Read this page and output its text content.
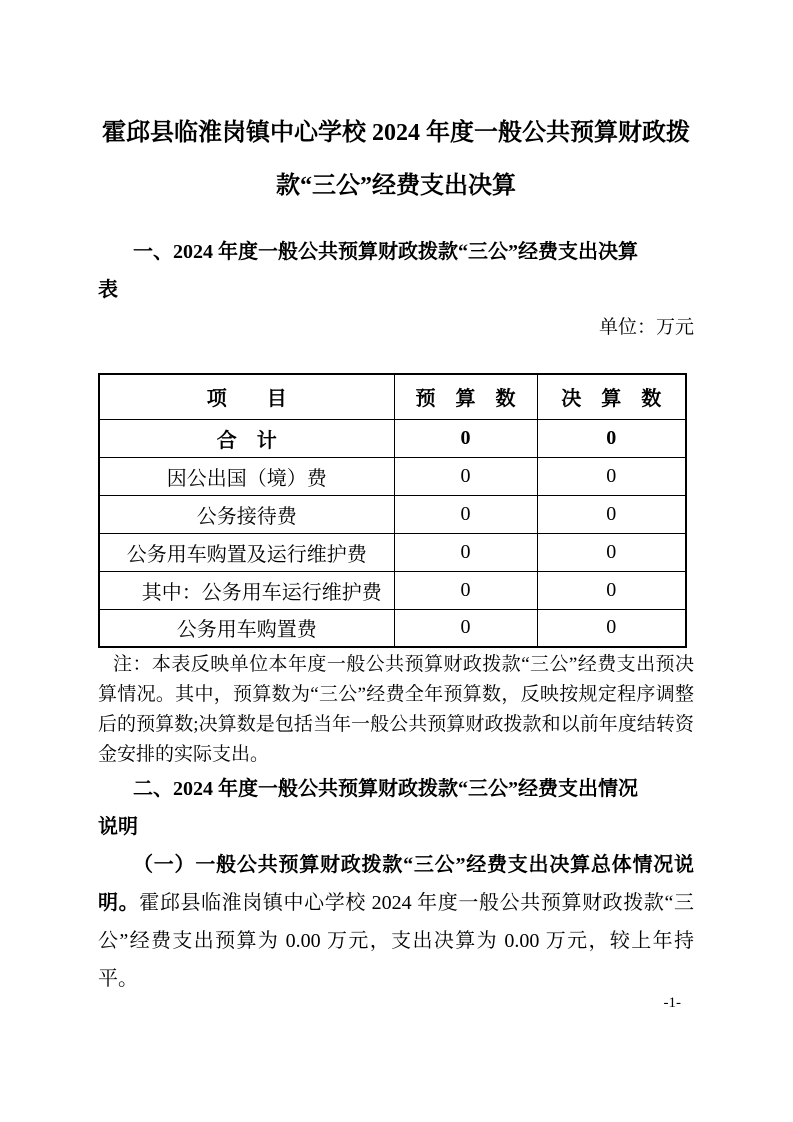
霍邱县临淮岗镇中心学校 2024 年度一般公共预算财政拨
款“三公”经费支出决算

一、2024 年度一般公共预算财政拨款“三公”经费支出决算
表

单位：万元

项　　目	预　算　数	决　算　数
合　计	0	0
因公出国（境）费	0	0
公务接待费	0	0
公务用车购置及运行维护费	0	0
其中：公务用车运行维护费	0	0
公务用车购置费	0	0

注：本表反映单位本年度一般公共预算财政拨款“三公”经费支出预决算情况。其中，预算数为“三公”经费全年预算数，反映按规定程序调整后的预算数;决算数是包括当年一般公共预算财政拨款和以前年度结转资金安排的实际支出。

二、2024 年度一般公共预算财政拨款“三公”经费支出情况
说明

（一）一般公共预算财政拨款“三公”经费支出决算总体情况说明。霍邱县临淮岗镇中心学校 2024 年度一般公共预算财政拨款“三公”经费支出预算为 0.00 万元，支出决算为 0.00 万元，较上年持平。

-1-
